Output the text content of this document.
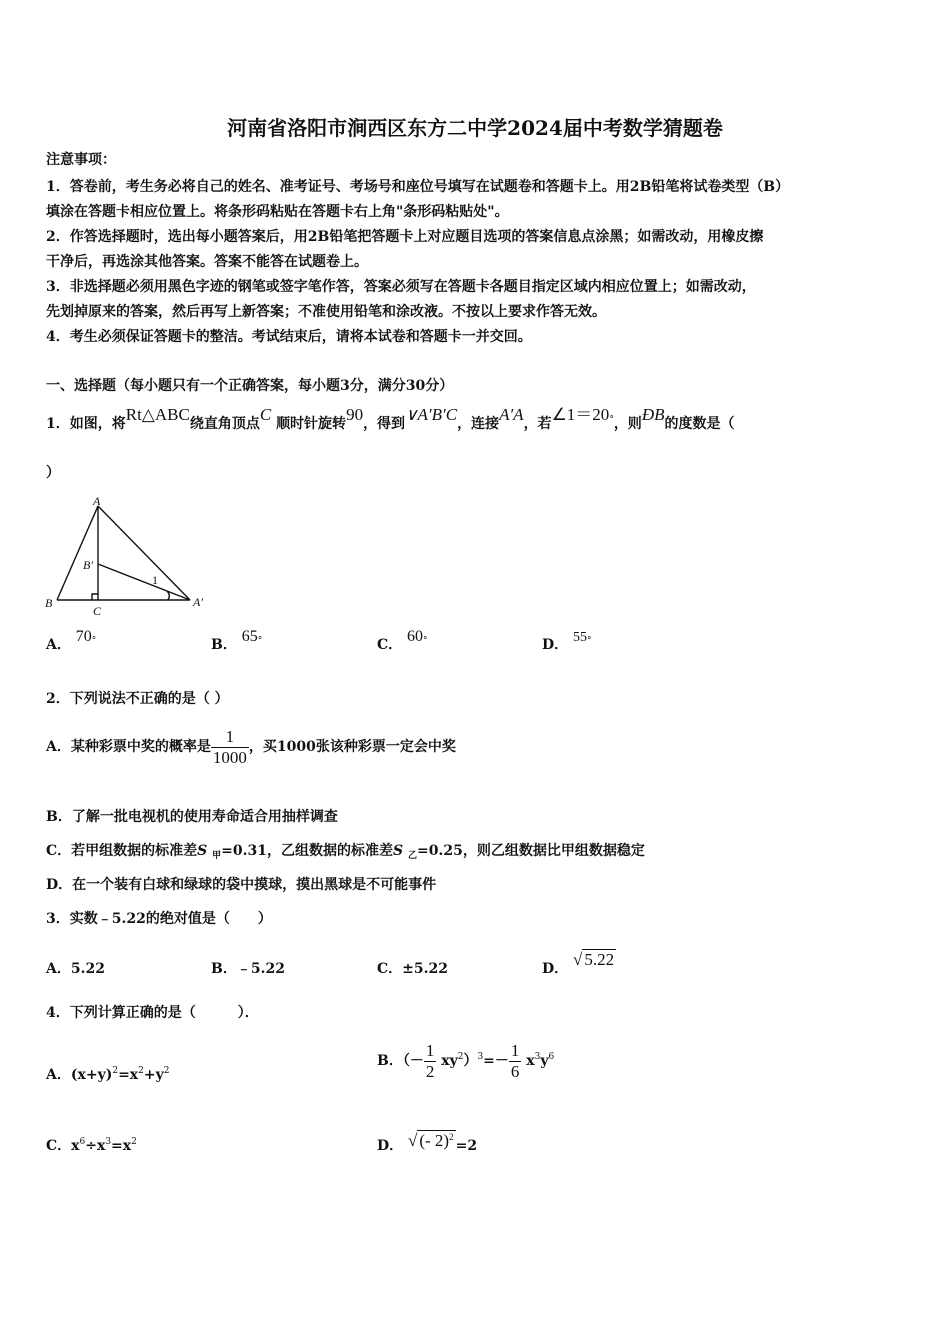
河南省洛阳市涧西区东方二中学2024届中考数学猜题卷
注意事项：
1．答卷前，考生务必将自己的姓名、准考证号、考场号和座位号填写在试题卷和答题卡上。用2B铅笔将试卷类型（B）
填涂在答题卡相应位置上。将条形码粘贴在答题卡右上角"条形码粘贴处"。
2．作答选择题时，选出每小题答案后，用2B铅笔把答题卡上对应题目选项的答案信息点涂黑；如需改动，用橡皮擦
干净后，再选涂其他答案。答案不能答在试题卷上。
3．非选择题必须用黑色字迹的钢笔或签字笔作答，答案必须写在答题卡各题目指定区域内相应位置上；如需改动，
先划掉原来的答案，然后再写上新答案；不准使用铅笔和涂改液。不按以上要求作答无效。
4．考生必须保证答题卡的整洁。考试结束后，请将本试卷和答题卡一并交回。
一、选择题（每小题只有一个正确答案，每小题3分，满分30分）
1．如图，将Rt△ABC绕直角顶点C 顺时针旋转90，得到∨A′B′C，连接A′A，若∠1＝20°，则ÐB的度数是（
）
A
B
C
B′
A′
1
A． 70°	B． 65°	C． 60°	D． 55°
2．下列说法不正确的是（ ）
A．某种彩票中奖的概率是 $\frac{1}{1000}$ ，买1000张该种彩票一定会中奖
B．了解一批电视机的使用寿命适合用抽样调查
C．若甲组数据的标准差S $_甲$=0.31，乙组数据的标准差S $_乙$=0.25，则乙组数据比甲组数据稳定
D．在一个装有白球和绿球的袋中摸球，摸出黑球是不可能事件
3．实数﹣5.22的绝对值是（　　）
A．5.22	B．﹣5.22	C．±5.22	D． √ 5.22
4．下列计算正确的是（　　　）．
A．$(x+y)^2=x^2+y^2$
B．（－ $\frac{1}{2} xy^2)^3=- \frac{1}{6} x^3y^6$
C．$x^6\div x^3=x^2$	D． √ (- 2)$^2$=2
